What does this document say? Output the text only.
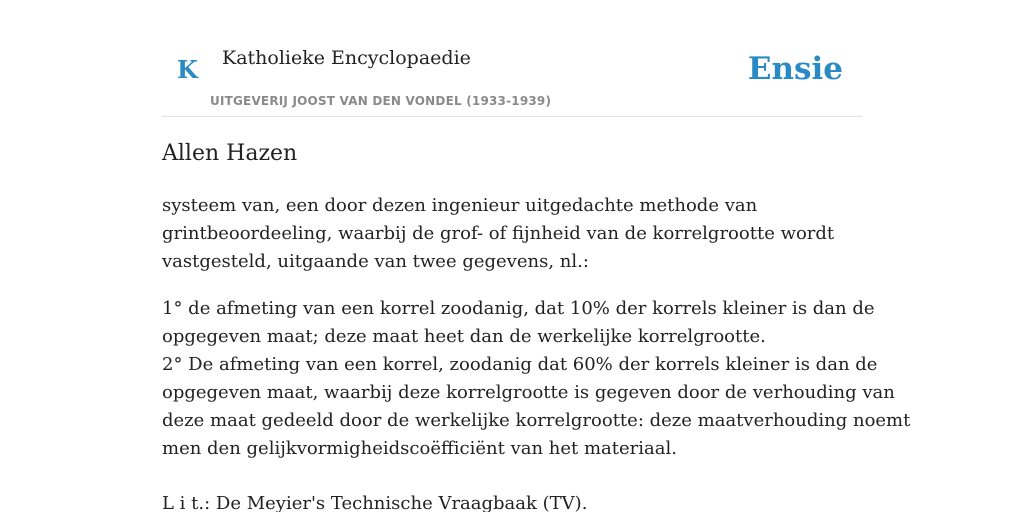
K Katholieke Encyclopaedie
UITGEVERIJ JOOST VAN DEN VONDEL (1933-1939)
Ensie
Allen Hazen

systeem van, een door dezen ingenieur uitgedachte methode van
grintbeoordeeling, waarbij de grof- of fijnheid van de korrelgrootte wordt
vastgesteld, uitgaande van twee gegevens, nl.:

1° de afmeting van een korrel zoodanig, dat 10% der korrels kleiner is dan de
opgegeven maat; deze maat heet dan de werkelijke korrelgrootte.
2° De afmeting van een korrel, zoodanig dat 60% der korrels kleiner is dan de
opgegeven maat, waarbij deze korrelgrootte is gegeven door de verhouding van
deze maat gedeeld door de werkelijke korrelgrootte: deze maatverhouding noemt
men den gelijkvormigheidscoëfficiënt van het materiaal.

L i t.: De Meyier's Technische Vraagbaak (TV).
